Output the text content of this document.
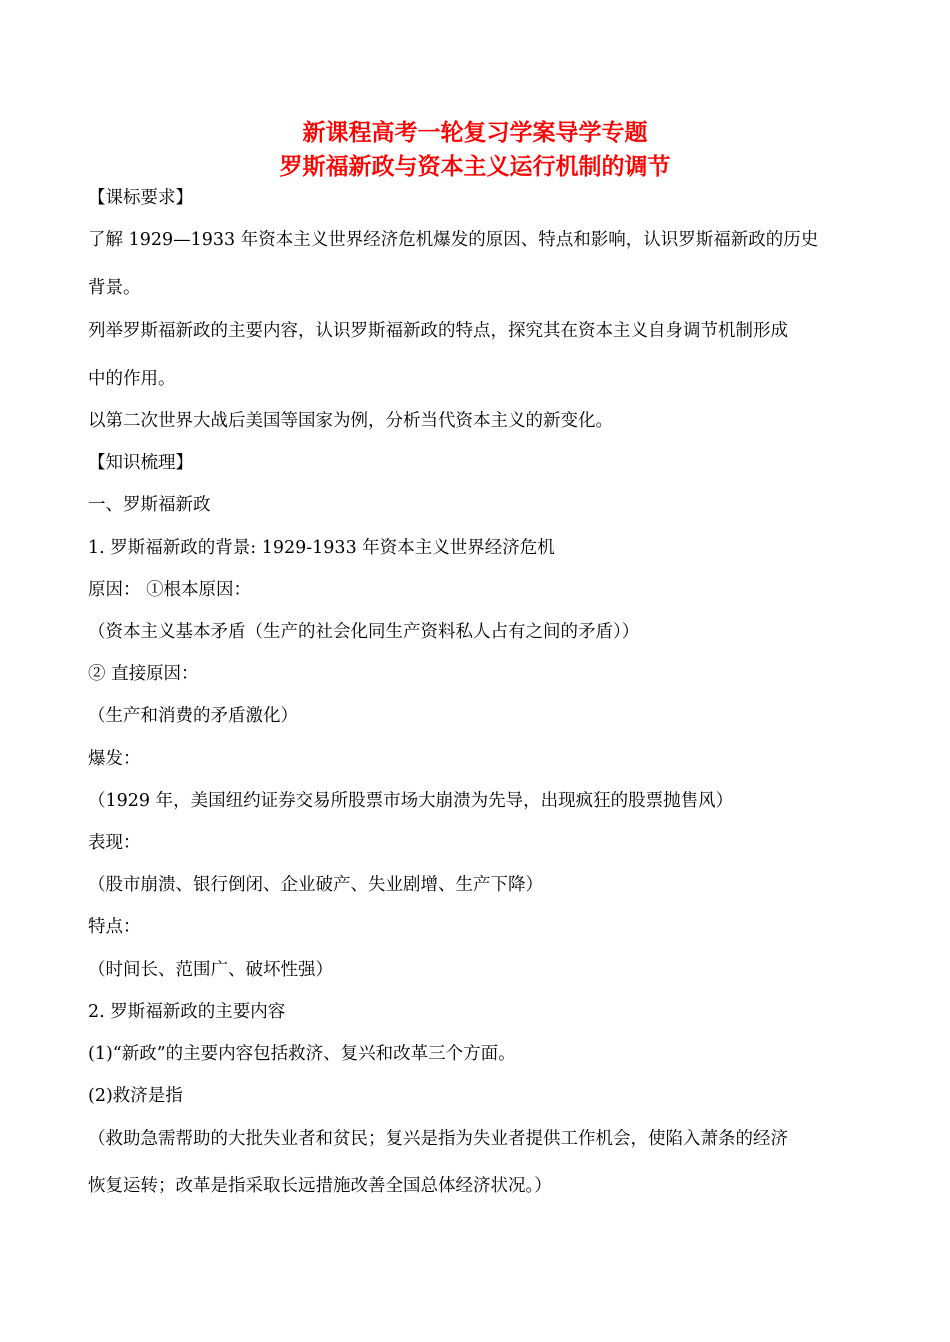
新课程高考一轮复习学案导学专题
罗斯福新政与资本主义运行机制的调节
【课标要求】
了解 1929—1933 年资本主义世界经济危机爆发的原因、特点和影响，认识罗斯福新政的历史
背景。
列举罗斯福新政的主要内容，认识罗斯福新政的特点，探究其在资本主义自身调节机制形成
中的作用。
以第二次世界大战后美国等国家为例，分析当代资本主义的新变化。
【知识梳理】
一、罗斯福新政
1. 罗斯福新政的背景: 1929-1933 年资本主义世界经济危机
原因： ①根本原因：
（资本主义基本矛盾（生产的社会化同生产资料私人占有之间的矛盾））
② 直接原因：
（生产和消费的矛盾激化）
爆发：
（1929 年，美国纽约证券交易所股票市场大崩溃为先导，出现疯狂的股票抛售风）
表现：
（股市崩溃、银行倒闭、企业破产、失业剧增、生产下降）
特点：
（时间长、范围广、破坏性强）
2. 罗斯福新政的主要内容
(1)“新政”的主要内容包括救济、复兴和改革三个方面。
(2)救济是指
（救助急需帮助的大批失业者和贫民；复兴是指为失业者提供工作机会，使陷入萧条的经济
恢复运转；改革是指采取长远措施改善全国总体经济状况。）
